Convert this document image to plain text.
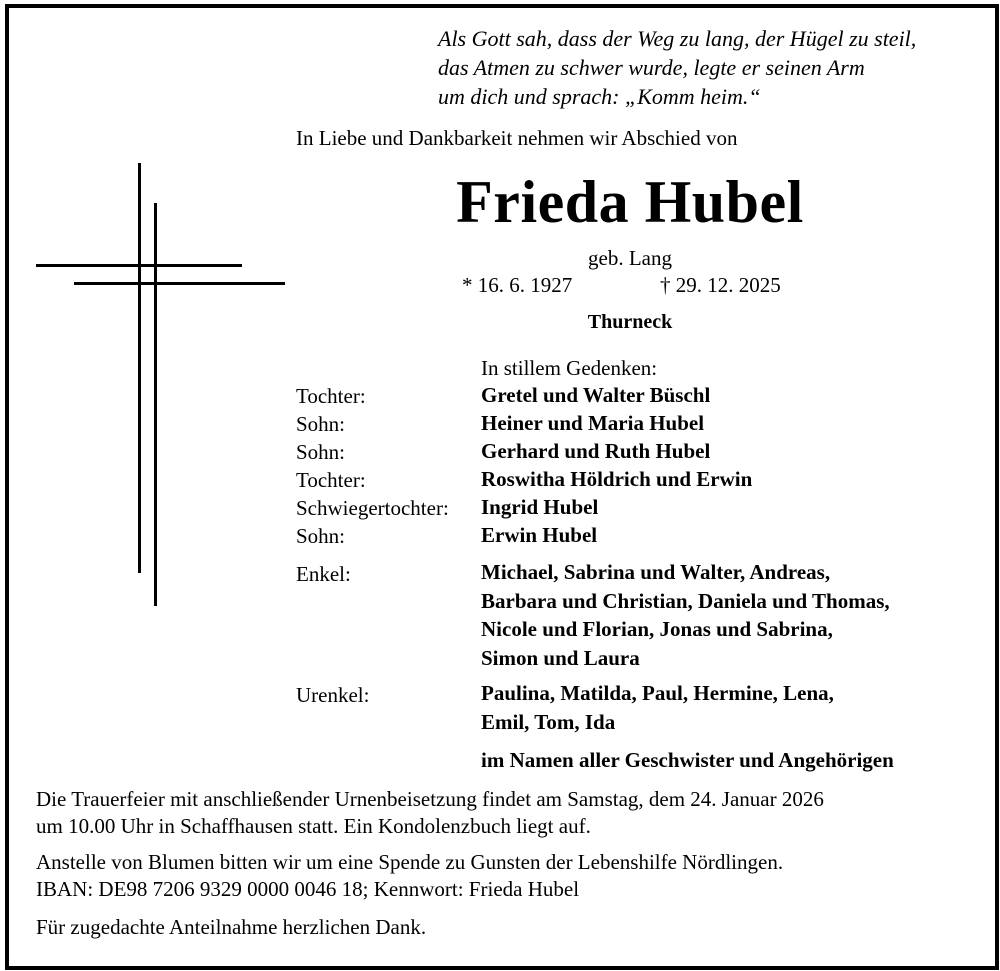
Als Gott sah, dass der Weg zu lang, der Hügel zu steil,
das Atmen zu schwer wurde, legte er seinen Arm
um dich und sprach: „Komm heim.“
In Liebe und Dankbarkeit nehmen wir Abschied von
Frieda Hubel
geb. Lang
* 16. 6. 1927	† 29. 12. 2025
Thurneck
In stillem Gedenken:
Tochter:	Gretel und Walter Büschl
Sohn:	Heiner und Maria Hubel
Sohn:	Gerhard und Ruth Hubel
Tochter:	Roswitha Höldrich und Erwin
Schwiegertochter: Ingrid Hubel
Sohn:	Erwin Hubel
Enkel:	Michael, Sabrina und Walter, Andreas,
Barbara und Christian, Daniela und Thomas,
Nicole und Florian, Jonas und Sabrina,
Simon und Laura
Urenkel:	Paulina, Matilda, Paul, Hermine, Lena,
Emil, Tom, Ida
im Namen aller Geschwister und Angehörigen
Die Trauerfeier mit anschließender Urnenbeisetzung findet am Samstag, dem 24. Januar 2026
um 10.00 Uhr in Schaffhausen statt. Ein Kondolenzbuch liegt auf.
Anstelle von Blumen bitten wir um eine Spende zu Gunsten der Lebenshilfe Nördlingen.
IBAN: DE98 7206 9329 0000 0046 18; Kennwort: Frieda Hubel
Für zugedachte Anteilnahme herzlichen Dank.
